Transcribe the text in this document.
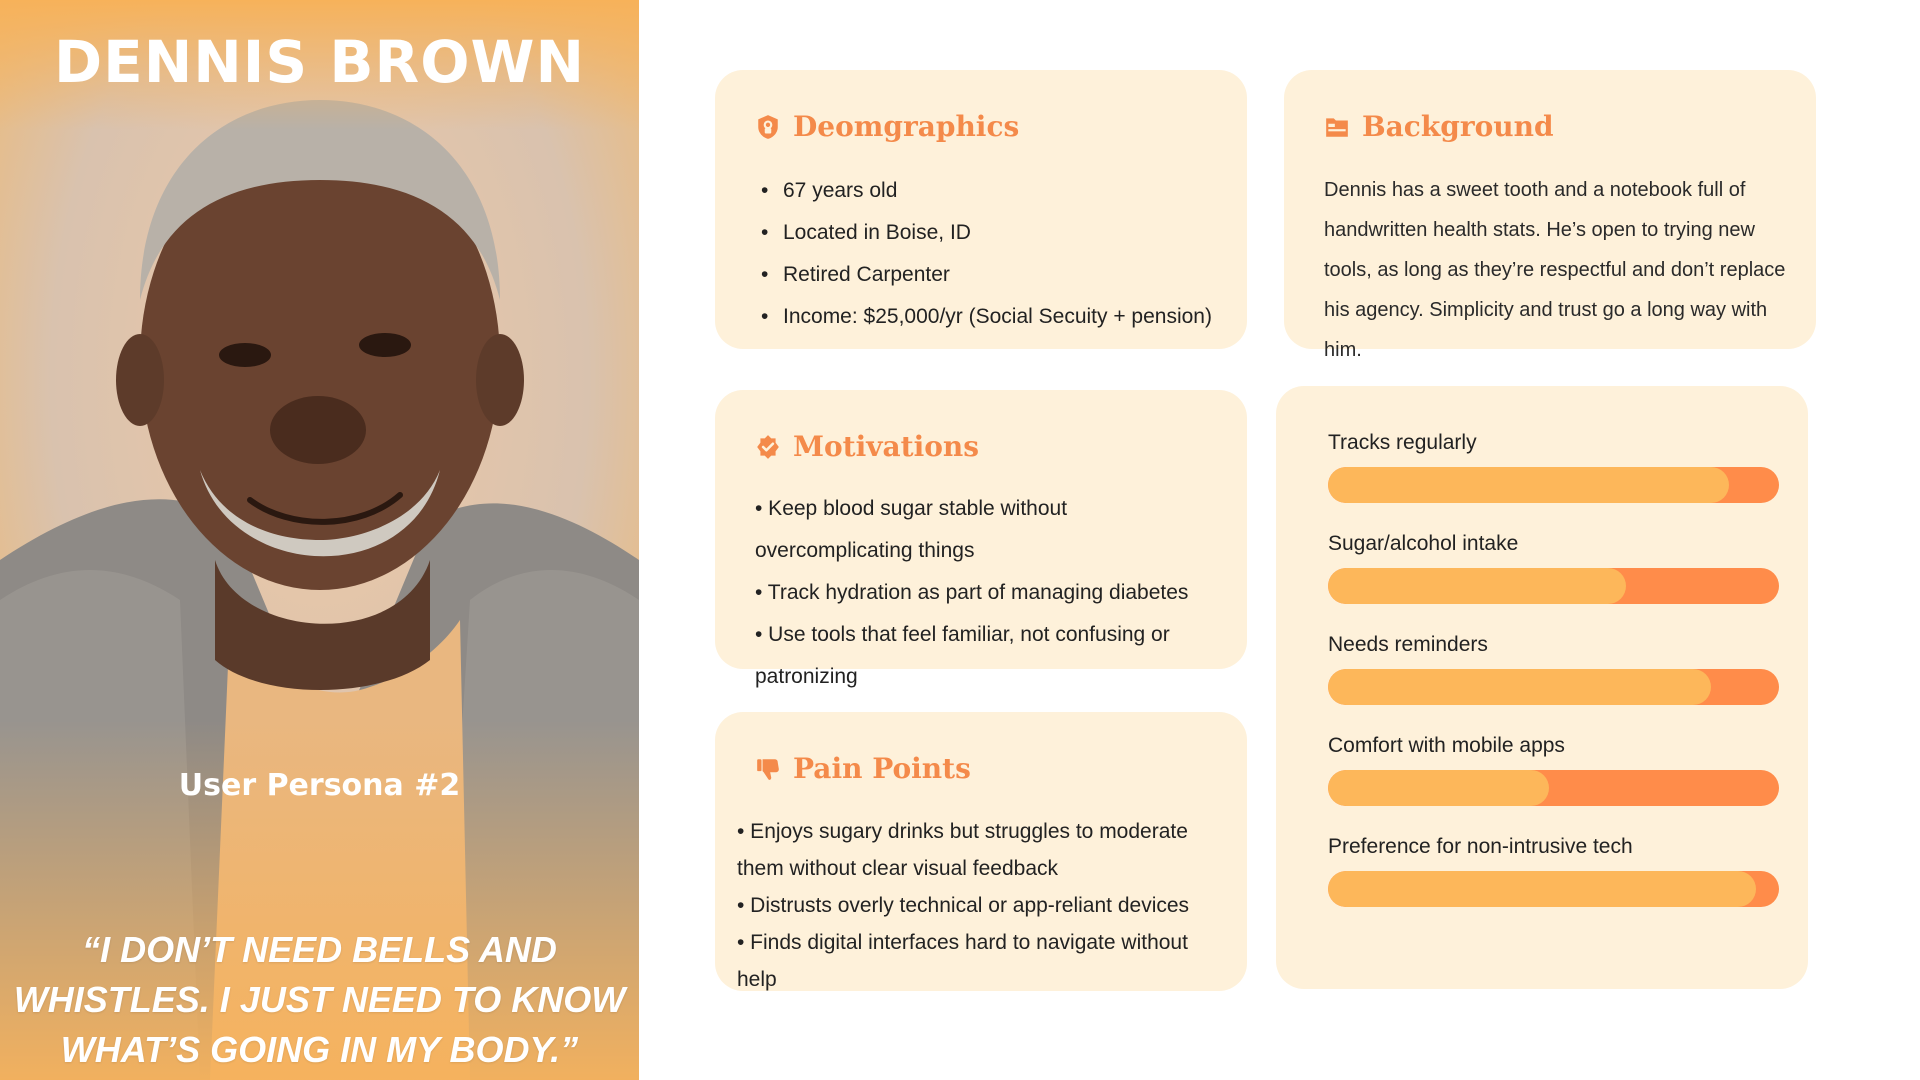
DENNIS BROWN
User Persona #2
“I DON’T NEED BELLS AND
WHISTLES. I JUST NEED TO KNOW
WHAT’S GOING IN MY BODY.”
Deomgraphics
• 67 years old
• Located in Boise, ID
• Retired Carpenter
• Income: $25,000/yr (Social Secuity + pension)
Background
Dennis has a sweet tooth and a notebook full of
handwritten health stats. He’s open to trying new
tools, as long as they’re respectful and don’t replace
his agency. Simplicity and trust go a long way with
him.
Motivations
• Keep blood sugar stable without
overcomplicating things
• Track hydration as part of managing diabetes
• Use tools that feel familiar, not confusing or
patronizing
Pain Points
• Enjoys sugary drinks but struggles to moderate
them without clear visual feedback
• Distrusts overly technical or app-reliant devices
• Finds digital interfaces hard to navigate without
help
Tracks regularly
Sugar/alcohol intake
Needs reminders
Comfort with mobile apps
Preference for non-intrusive tech
